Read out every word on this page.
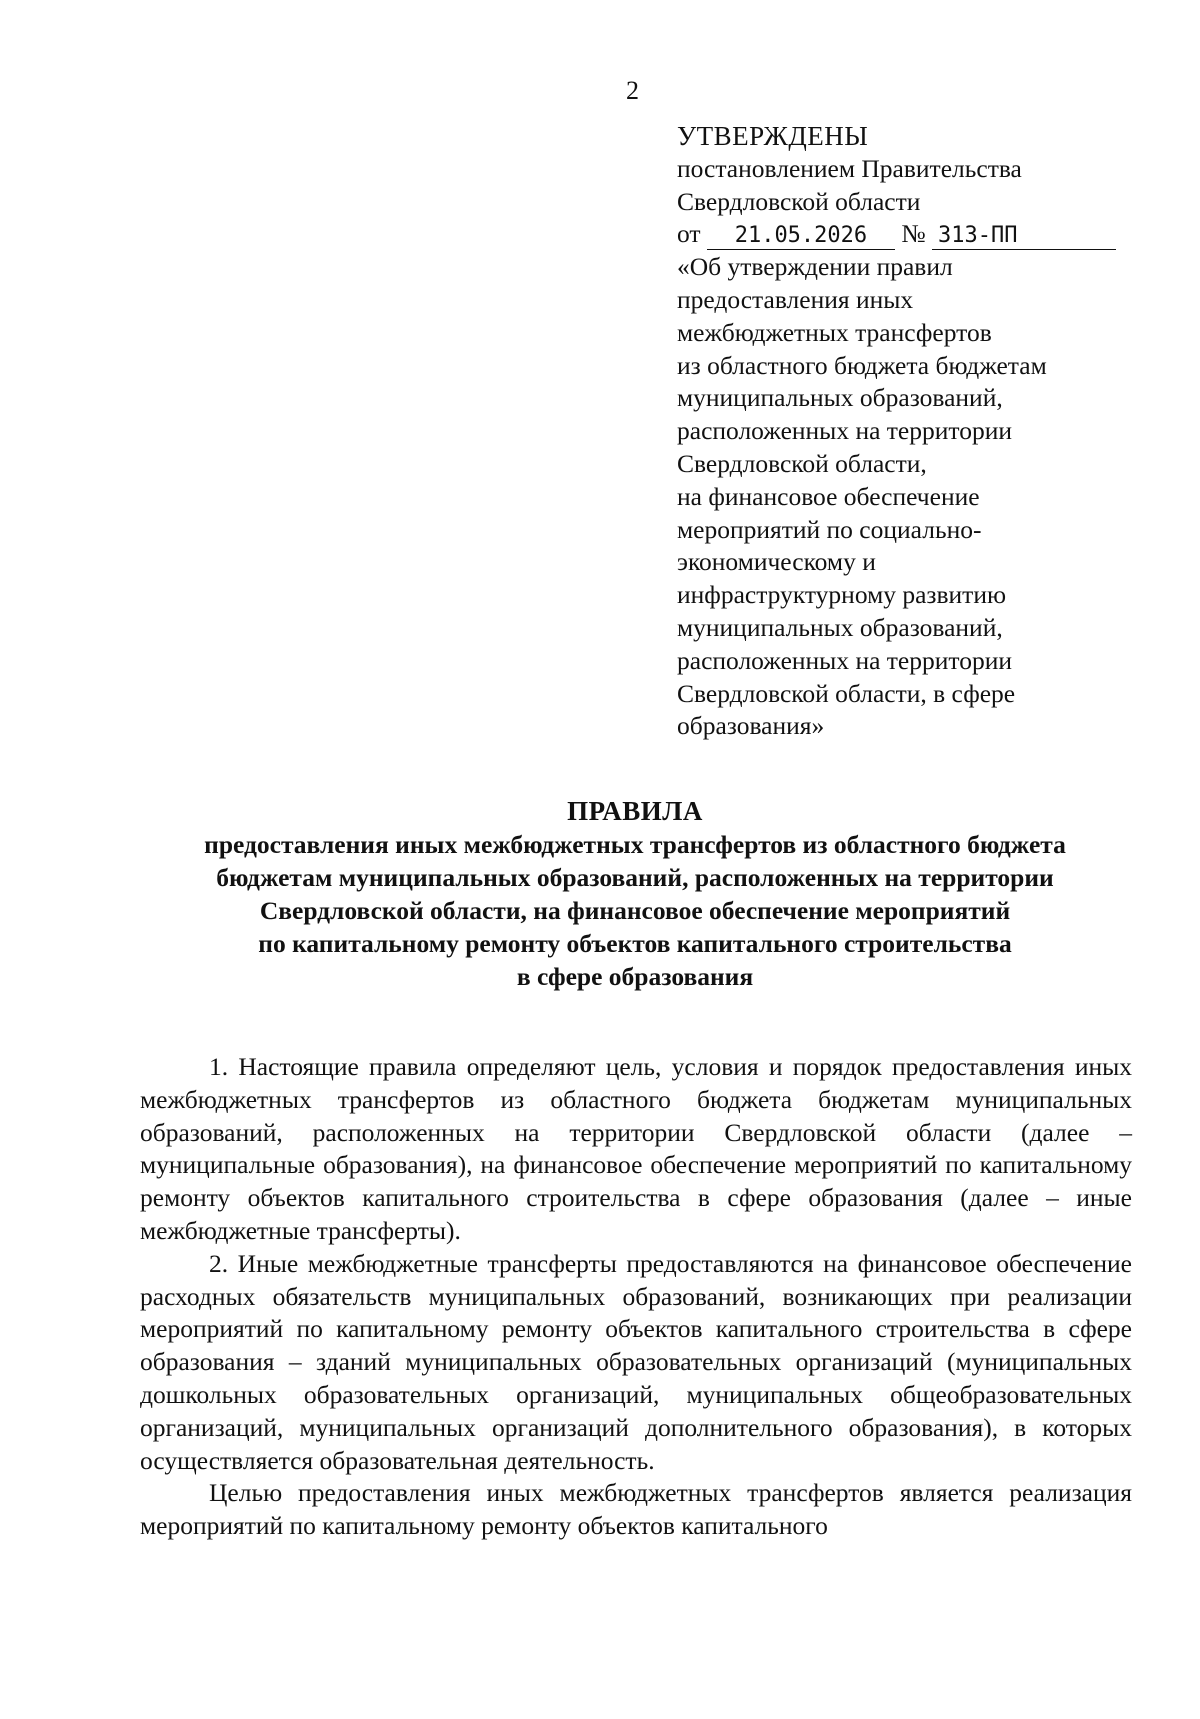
2
УТВЕРЖДЕНЫ
постановлением Правительства
Свердловской области
от 21.05.2026 № 313-ПП
«Об утверждении правил
предоставления иных
межбюджетных трансфертов
из областного бюджета бюджетам
муниципальных образований,
расположенных на территории
Свердловской области,
на финансовое обеспечение
мероприятий по социально-
экономическому и
инфраструктурному развитию
муниципальных образований,
расположенных на территории
Свердловской области, в сфере
образования»
ПРАВИЛА
предоставления иных межбюджетных трансфертов из областного бюджета
бюджетам муниципальных образований, расположенных на территории
Свердловской области, на финансовое обеспечение мероприятий
по капитальному ремонту объектов капитального строительства
в сфере образования

1. Настоящие правила определяют цель, условия и порядок предоставления иных межбюджетных трансфертов из областного бюджета бюджетам муниципальных образований, расположенных на территории Свердловской области (далее – муниципальные образования), на финансовое обеспечение мероприятий по капитальному ремонту объектов капитального строительства в сфере образования (далее – иные межбюджетные трансферты).

2. Иные межбюджетные трансферты предоставляются на финансовое обеспечение расходных обязательств муниципальных образований, возникающих при реализации мероприятий по капитальному ремонту объектов капитального строительства в сфере образования – зданий муниципальных образовательных организаций (муниципальных дошкольных образовательных организаций, муниципальных общеобразовательных организаций, муниципальных организаций дополнительного образования), в которых осуществляется образовательная деятельность.

Целью предоставления иных межбюджетных трансфертов является реализация мероприятий по капитальному ремонту объектов капитального
